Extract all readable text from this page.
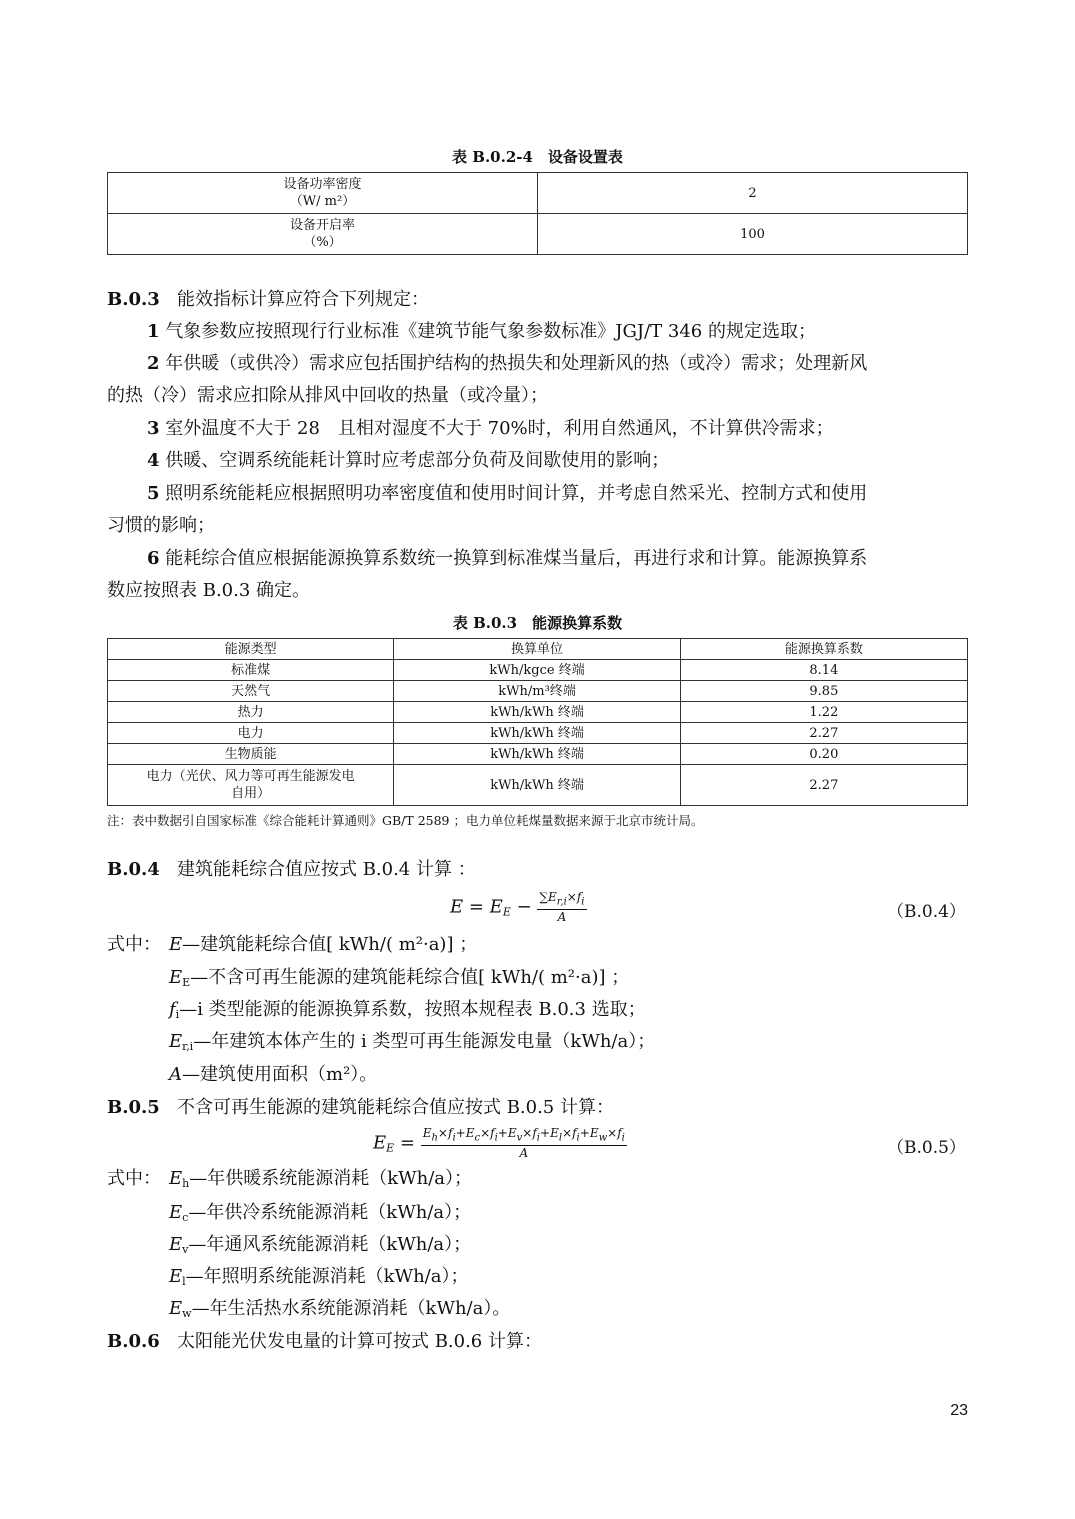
表 B.0.2-4　设备设置表
设备功率密度
（W/ m²）	2

设备开启率
（%）	100
B.0.3 能效指标计算应符合下列规定：
1 气象参数应按照现行行业标准《建筑节能气象参数标准》JGJ/T 346 的规定选取；
2 年供暖（或供冷）需求应包括围护结构的热损失和处理新风的热（或冷）需求；处理新风
的热（冷）需求应扣除从排风中回收的热量（或冷量）；
3 室外温度不大于 28　且相对湿度不大于 70%时，利用自然通风，不计算供冷需求；
4 供暖、空调系统能耗计算时应考虑部分负荷及间歇使用的影响；
5 照明系统能耗应根据照明功率密度值和使用时间计算，并考虑自然采光、控制方式和使用
习惯的影响；
6 能耗综合值应根据能源换算系数统一换算到标准煤当量后，再进行求和计算。能源换算系
数应按照表 B.0.3 确定。
表 B.0.3　能源换算系数
能源类型	换算单位	能源换算系数
标准煤	kWh/kgce 终端	8.14
天然气	kWh/m³终端	9.85
热力	kWh/kWh 终端	1.22
电力	kWh/kWh 终端	2.27
生物质能	kWh/kWh 终端	0.20

电力（光伏、风力等可再生能源发电
自用）	kWh/kWh 终端	2.27
注：表中数据引自国家标准《综合能耗计算通则》GB/T 2589 ；电力单位耗煤量数据来源于北京市统计局。
B.0.4 建筑能耗综合值应按式 B.0.4 计算 ：
$E = E_E - \frac{\sum E_{r,i}\times f_i}{A}$	（B.0.4）
式中： E—建筑能耗综合值[ kWh/( m²·a)] ；
$E_E—$不含可再生能源的建筑能耗综合值[ kWh/( m²·a)] ；
$f_i—i$ 类型能源的能源换算系数，按照本规程表 B.0.3 选取；
$E_{r,i}—$年建筑本体产生的 i 类型可再生能源发电量（kWh/a）；
A—建筑使用面积（m²）。
B.0.5 不含可再生能源的建筑能耗综合值应按式 B.0.5 计算：
$E_E = \frac{E_h\times f_i+E_c\times f_i+E_v\times f_i+E_l\times f_i+E_w\times f_i}{A}$	（B.0.5）
式中： $E_h—$年供暖系统能源消耗（kWh/a）；
$E_c—$年供冷系统能源消耗（kWh/a）；
$E_v—$年通风系统能源消耗（kWh/a）；
$E_l—$年照明系统能源消耗（kWh/a）；
$E_w—$年生活热水系统能源消耗（kWh/a）。
B.0.6 太阳能光伏发电量的计算可按式 B.0.6 计算：
23
